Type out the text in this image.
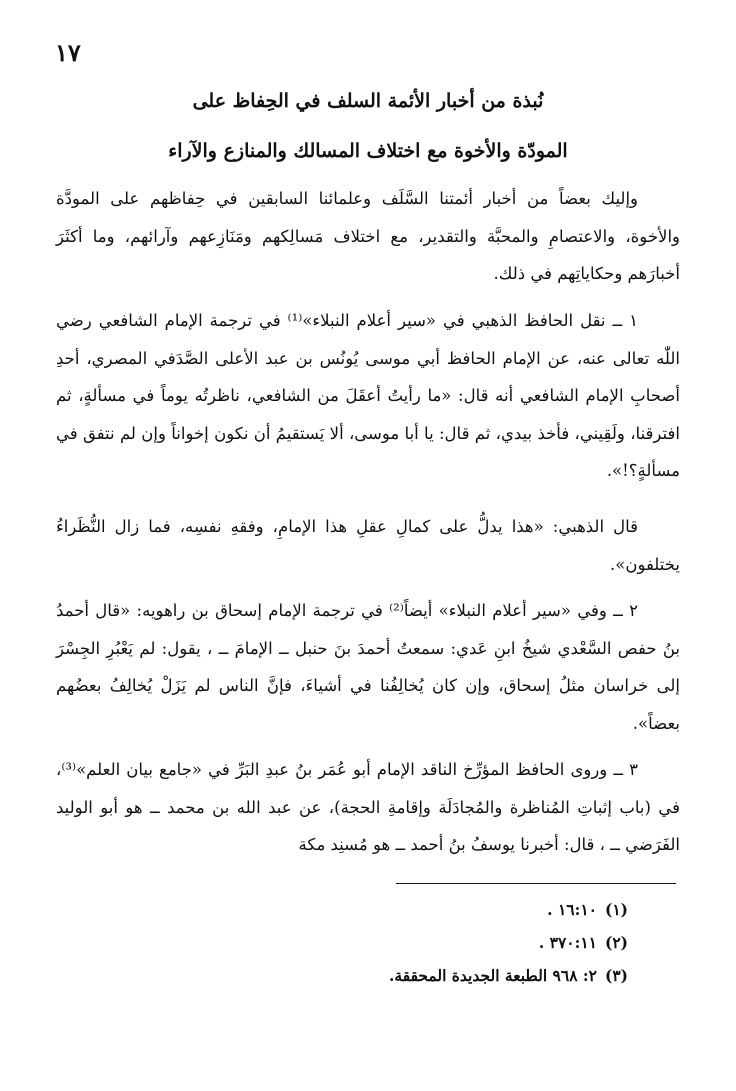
١٧
نُبذة من أخبار الأئمة السلف في الحِفاظ على
المودّة والأخوة مع اختلاف المسالك والمنازع والآراء

وإليك بعضاً من أخبار أئمتنا السَّلَف وعلمائنا السابقين في حِفاظهم على المودَّة والأخوة، والاعتصامِ والمحبَّة والتقدير، مع اختلاف مَسالِكهم ومَنَازِعهم وآرائهم، وما أكثَرَ أخبارَهم وحكاياتِهم في ذلك.

١ ــ نقل الحافظ الذهبي في «سير أعلام النبلاء»⁽¹⁾ في ترجمة الإمام الشافعي رضي اللّٰه تعالى عنه، عن الإمام الحافظ أبي موسى يُونُس بن عبد الأعلى الصَّدَفي المصري، أحدِ أصحابِ الإمام الشافعي أنه قال: «ما رأيتُ أعقَلَ من الشافعي، ناظرتُه يوماً في مسألةٍ، ثم افترقنا، ولَقِيني، فأخذ بيدي، ثم قال: يا أبا موسى، ألا يَستقيمُ أن نكون إخواناً وإن لم نتفق في مسألةٍ؟!».

قال الذهبي: «هذا يدلُّ على كمالِ عقلِ هذا الإمامِ، وفقهِ نفسِه، فما زال النُّظَراءُ يختلفون».

٢ ــ وفي «سير أعلام النبلاء» أيضاً⁽²⁾ في ترجمة الإمام إسحاق بن راهويه: «قال أحمدُ بنُ حفص السَّعْدي شيخُ ابنِ عَدي: سمعتُ أحمدَ بنَ حنبل ــ الإمامَ ــ ، يقول: لم يَعْبُرِ الجِسْرَ إلى خراسان مثلُ إسحاق، وإن كان يُخالِفُنا في أشياءَ، فإنَّ الناس لم يَزَلْ يُخالِفُ بعضُهم بعضاً».

٣ ــ وروى الحافظ المؤرِّخ الناقد الإمام أبو عُمَر بنُ عبدِ البَرِّ في «جامع بيان العلم»⁽³⁾، في (باب إثباتِ المُناظرة والمُجادَلَة وإقامةِ الحجة)، عن عبد الله بن محمد ــ هو أبو الوليد الفَرَضي ــ ، قال: أخبرنا يوسفُ بنُ أحمد ــ هو مُسنِد مكة

(١)١٦:١٠ .
(٢)٣٧٠:١١ .
(٣)٢: ٩٦٨ الطبعة الجديدة المحققة.
